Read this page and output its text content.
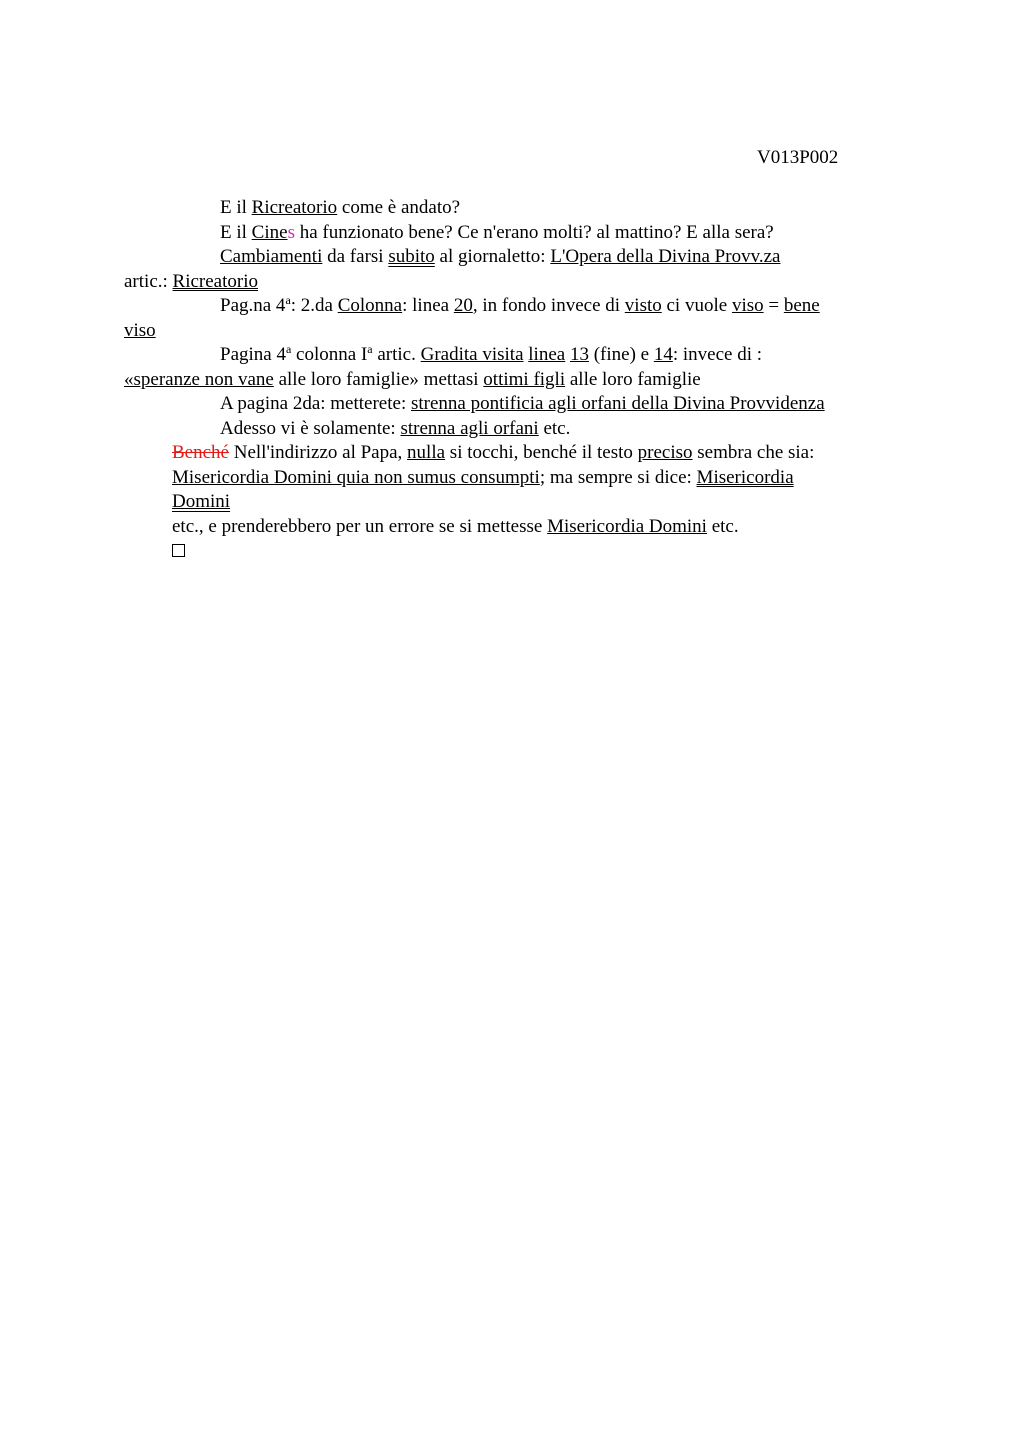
V013P002

E il Ricreatorio come è andato?

E il Cines ha funzionato bene? Ce n'erano molti? al mattino? E alla sera?

Cambiamenti da farsi subito al giornaletto: L'Opera della Divina Provv.za
artic.: Ricreatorio

Pag.na 4$^a$: 2.da Colonna: linea 20, in fondo invece di visto ci vuole viso = bene
viso

Pagina 4$^a$ colonna $I^a$ artic. Gradita visita linea 13 (fine) e 14: invece di :
«speranze non vane alle loro famiglie» mettasi ottimi figli alle loro famiglie

A pagina 2da: metterete: strenna pontificia agli orfani della Divina Provvidenza

Adesso vi è solamente: strenna agli orfani etc.

Benché Nell'indirizzo al Papa, nulla si tocchi, benché il testo preciso sembra che sia:
Misericordia Domini quia non sumus consumpti; ma sempre si dice: Misericordia
Domini

etc., e prenderebbero per un errore se si mettesse Misericordia Domini etc.
